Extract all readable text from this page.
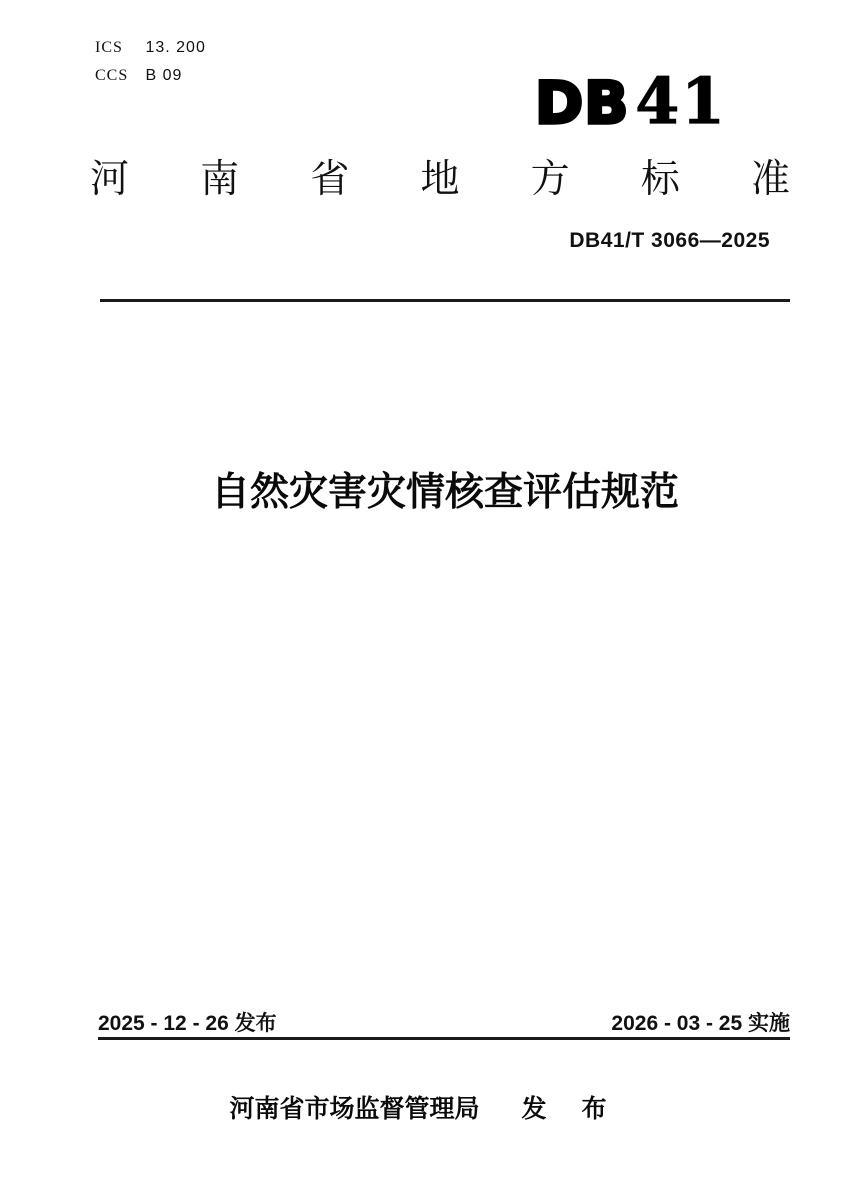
ICS 13. 200
CCS B 09	DB 41
河南省地方标准
DB41/T 3066—2025
自然灾害灾情核查评估规范
2025 - 12 - 26 发布	2026 - 03 - 25 实施
河南省市场监督管理局 发 布
